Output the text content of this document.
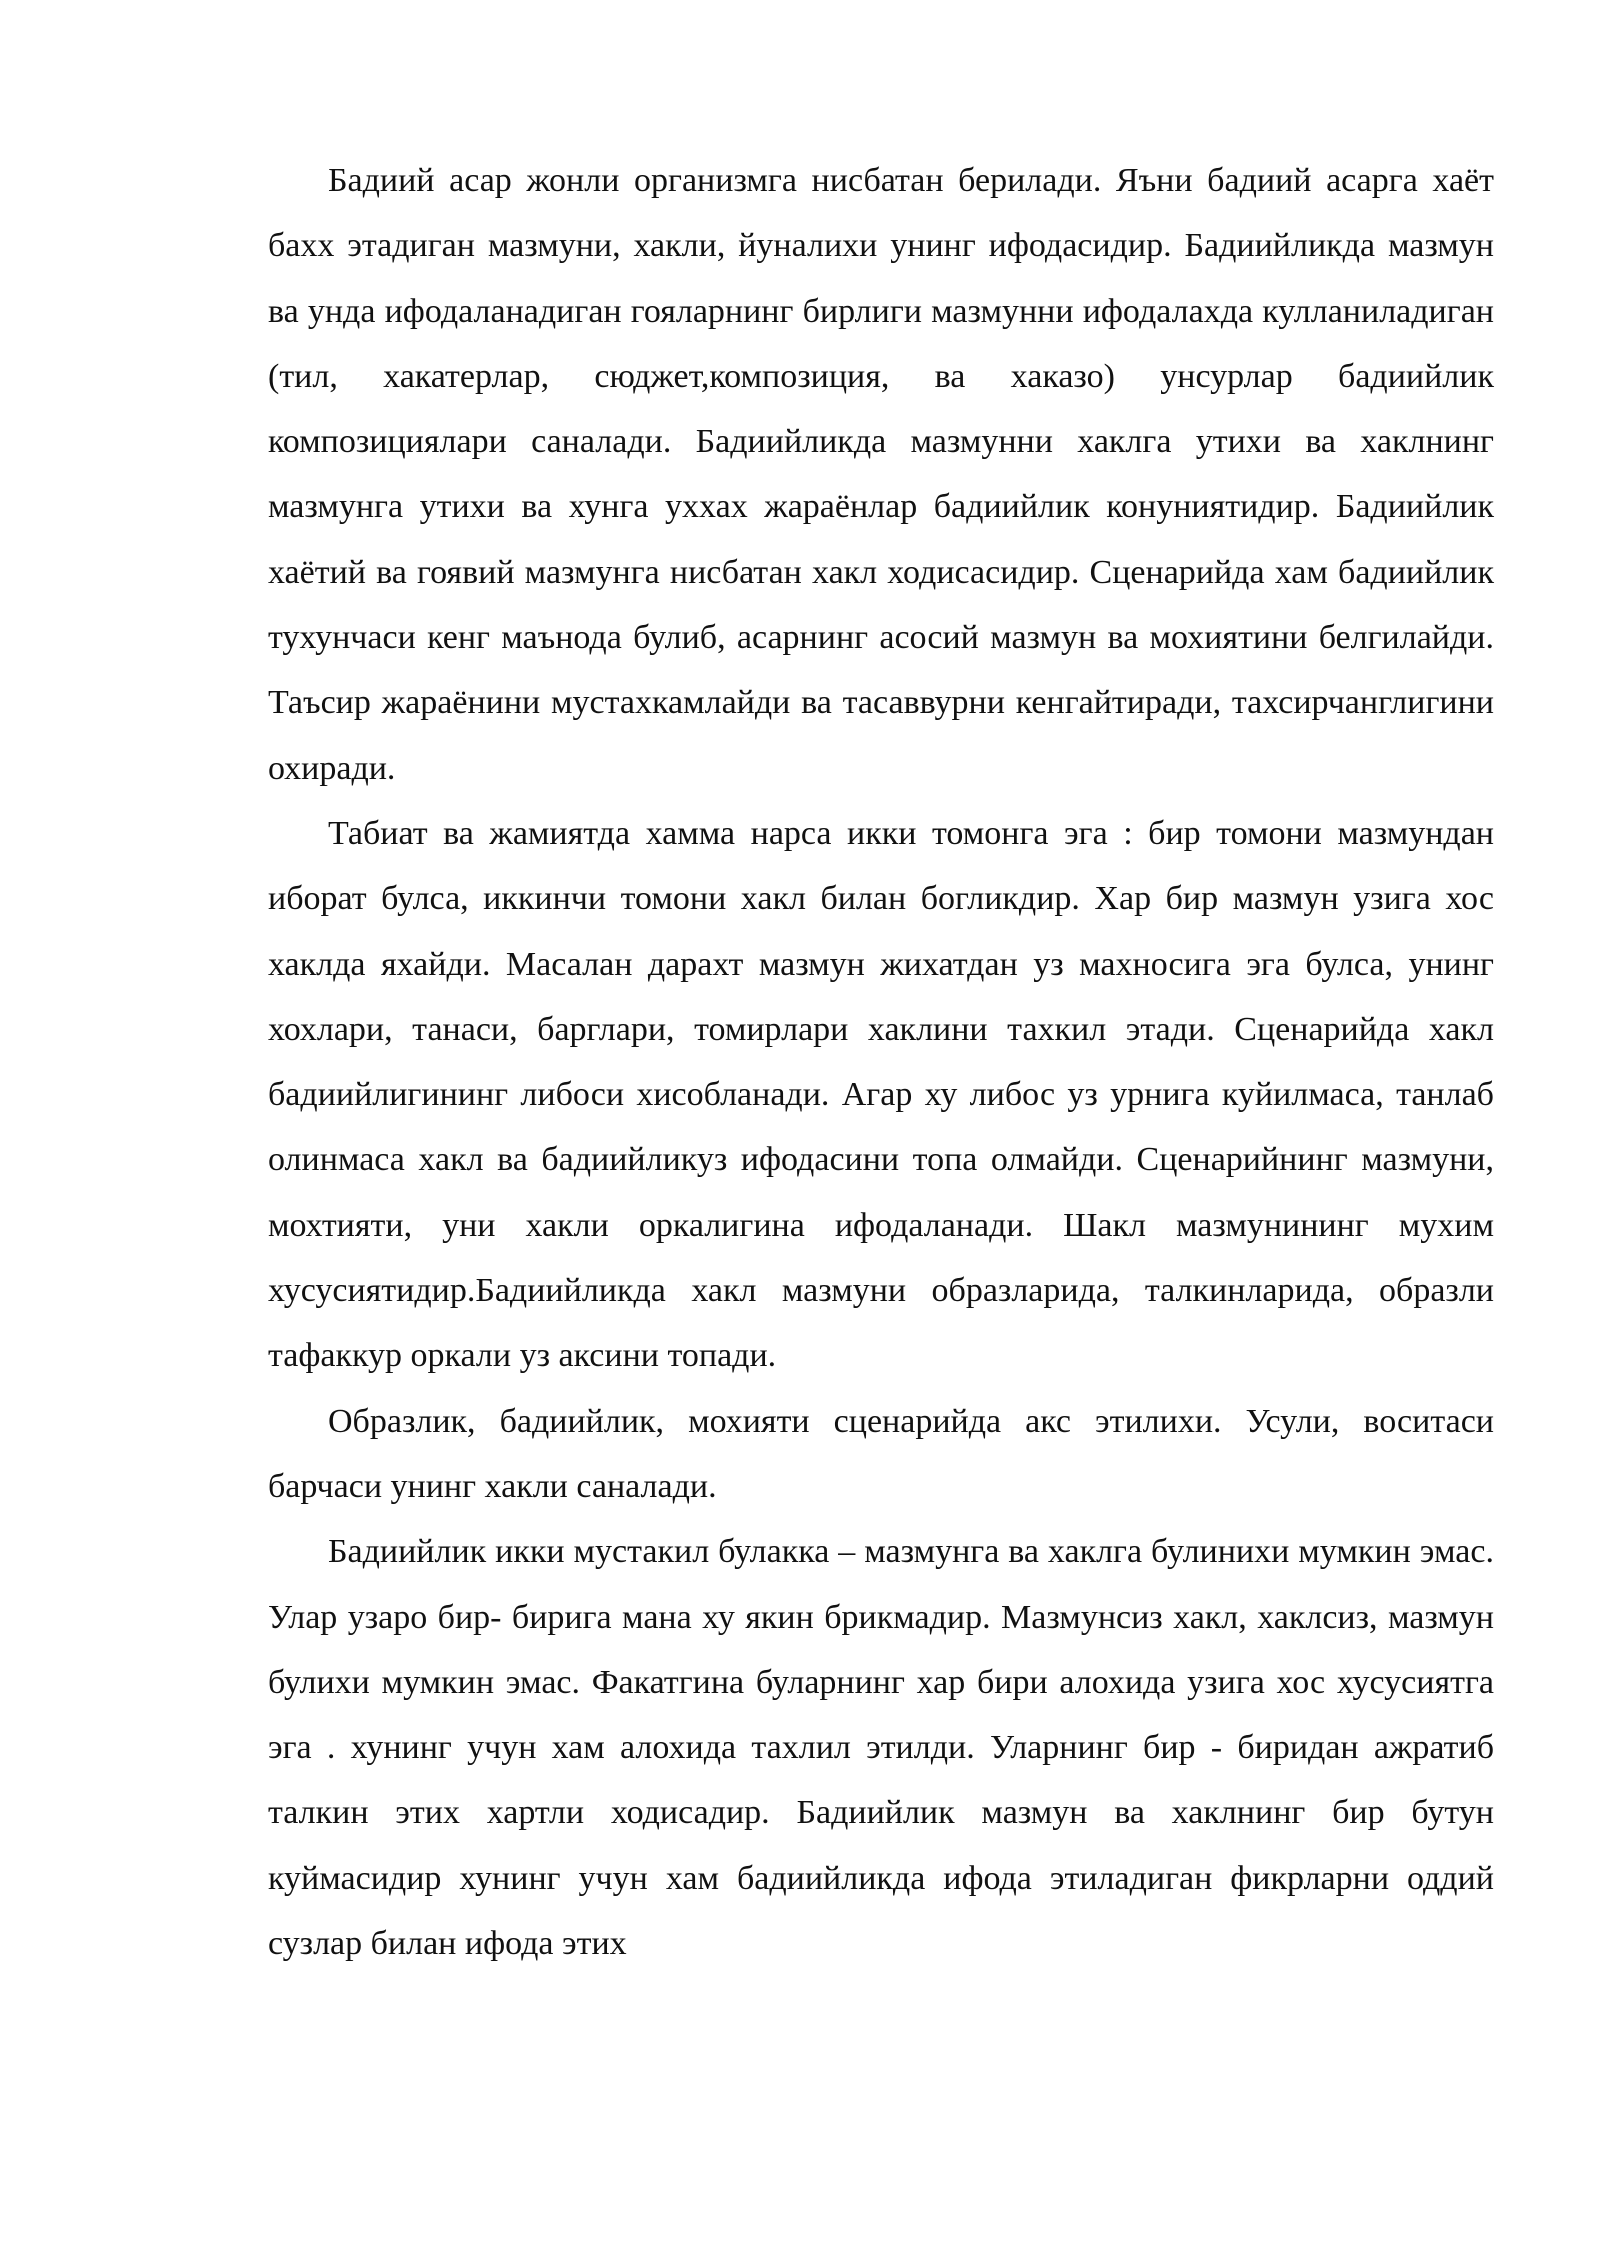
Бадиий асар жонли организмга нисбатан берилади. Яъни бадиий асарга хаёт бахх этадиган мазмуни, хакли, йуналихи унинг ифодасидир. Бадиийликда мазмун ва унда ифодаланадиган гояларнинг бирлиги мазмунни ифодалахда кулланиладиган (тил, хакатерлар, сюджет,композиция, ва хаказо) унсурлар бадиийлик композициялари саналади. Бадиийликда мазмунни хаклга утихи ва хаклнинг мазмунга утихи ва хунга уххах жараёнлар бадиийлик конуниятидир. Бадиийлик хаётий ва гоявий мазмунга нисбатан хакл ходисасидир. Сценарийда хам бадиийлик тухунчаси кенг маънода булиб, асарнинг асосий мазмун ва мохиятини белгилайди. Таъсир жараёнини мустахкамлайди ва тасаввурни кенгайтиради, тахсирчанглигини охиради.

Табиат ва жамиятда хамма нарса икки томонга эга : бир томони мазмундан иборат булса, иккинчи томони хакл билан богликдир. Хар бир мазмун узига хос хаклда яхайди. Масалан дарахт мазмун жихатдан уз махносига эга булса, унинг хохлари, танаси, барглари, томирлари хаклини тахкил этади. Сценарийда хакл бадиийлигининг либоси хисобланади. Агар ху либос уз урнига куйилмаса, танлаб олинмаса хакл ва бадиийликуз ифодасини топа олмайди. Сценарийнинг мазмуни, мохтияти, уни хакли оркалигина ифодаланади. Шакл мазмунининг мухим хусусиятидир.Бадиийликда хакл мазмуни образларида, талкинларида, образли тафаккур оркали уз аксини топади.

Образлик, бадиийлик, мохияти сценарийда акс этилихи. Усули, воситаси барчаси унинг хакли саналади.

Бадиийлик икки мустакил булакка – мазмунга ва хаклга булинихи мумкин эмас. Улар узаро бир- бирига мана ху якин брикмадир. Мазмунсиз хакл, хаклсиз, мазмун булихи мумкин эмас. Факатгина буларнинг хар бири алохида узига хос хусусиятга эга . хунинг учун хам алохида тахлил этилди. Уларнинг бир - биридан ажратиб талкин этих хартли ходисадир. Бадиийлик мазмун ва хаклнинг бир бутун куймасидир хунинг учун хам бадиийликда ифода этиладиган фикрларни оддий сузлар билан ифода этих
